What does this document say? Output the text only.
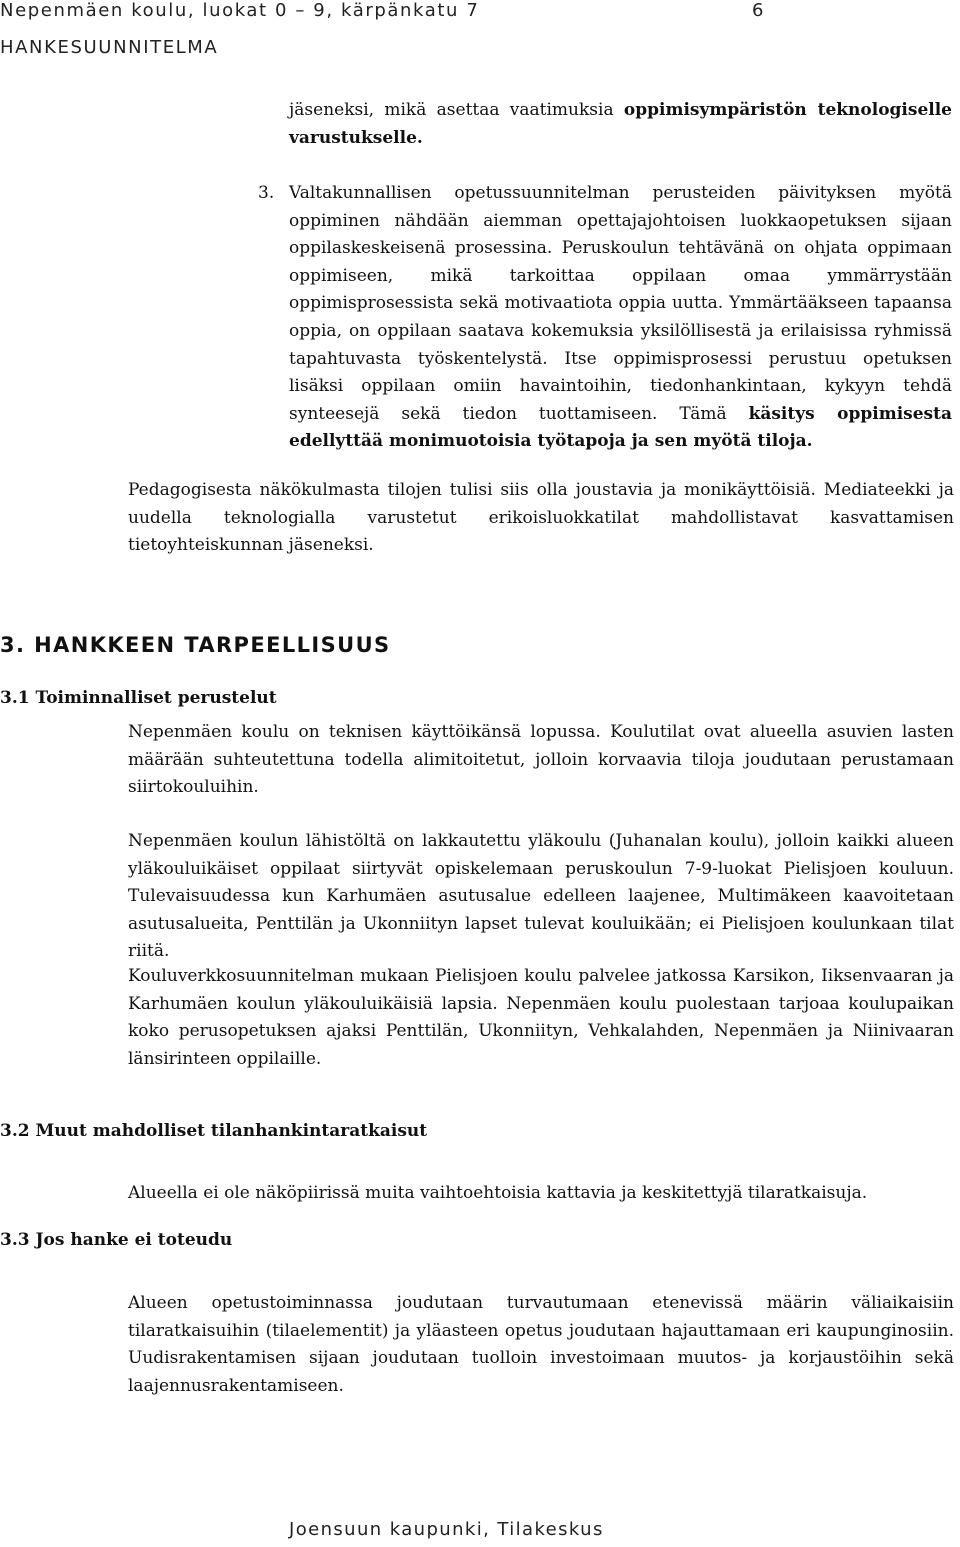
Nepenmäen koulu, luokat 0 – 9, kärpänkatu 7	6
HANKESUUNNITELMA

jäseneksi, mikä asettaa vaatimuksia oppimisympäristön teknologiselle varustukselle.

3. Valtakunnallisen opetussuunnitelman perusteiden päivityksen myötä oppiminen nähdään aiemman opettajajohtoisen luokkaopetuksen sijaan oppilaskeskeisenä prosessina. Peruskoulun tehtävänä on ohjata oppimaan oppimiseen, mikä tarkoittaa oppilaan omaa ymmärrystään oppimisprosessista sekä motivaatiota oppia uutta. Ymmärtääkseen tapaansa oppia, on oppilaan saatava kokemuksia yksilöllisestä ja erilaisissa ryhmissä tapahtuvasta työskentelystä. Itse oppimisprosessi perustuu opetuksen lisäksi oppilaan omiin havaintoihin, tiedonhankintaan, kykyyn tehdä synteesejä sekä tiedon tuottamiseen. Tämä käsitys oppimisesta edellyttää monimuotoisia työtapoja ja sen myötä tiloja.

Pedagogisesta näkökulmasta tilojen tulisi siis olla joustavia ja monikäyttöisiä. Mediateekki ja uudella teknologialla varustetut erikoisluokkatilat mahdollistavat kasvattamisen tietoyhteiskunnan jäseneksi.

3. HANKKEEN TARPEELLISUUS
3.1 Toiminnalliset perustelut

Nepenmäen koulu on teknisen käyttöikänsä lopussa. Koulutilat ovat alueella asuvien lasten määrään suhteutettuna todella alimitoitetut, jolloin korvaavia tiloja joudutaan perustamaan siirtokouluihin.

Nepenmäen koulun lähistöltä on lakkautettu yläkoulu (Juhanalan koulu), jolloin kaikki alueen yläkouluikäiset oppilaat siirtyvät opiskelemaan peruskoulun 7-9-luokat Pielisjoen kouluun. Tulevaisuudessa kun Karhumäen asutusalue edelleen laajenee, Multimäkeen kaavoitetaan asutusalueita, Penttilän ja Ukonniityn lapset tulevat kouluikään; ei Pielisjoen koulunkaan tilat riitä.

Kouluverkkosuunnitelman mukaan Pielisjoen koulu palvelee jatkossa Karsikon, Iiksenvaaran ja Karhumäen koulun yläkouluikäisiä lapsia. Nepenmäen koulu puolestaan tarjoaa koulupaikan koko perusopetuksen ajaksi Penttilän, Ukonniityn, Vehkalahden, Nepenmäen ja Niinivaaran länsirinteen oppilaille.

3.2 Muut mahdolliset tilanhankintaratkaisut

Alueella ei ole näköpiirissä muita vaihtoehtoisia kattavia ja keskitettyjä tilaratkaisuja.

3.3 Jos hanke ei toteudu

Alueen opetustoiminnassa joudutaan turvautumaan etenevissä määrin väliaikaisiin tilaratkaisuihin (tilaelementit) ja yläasteen opetus joudutaan hajauttamaan eri kaupunginosiin. Uudisrakentamisen sijaan joudutaan tuolloin investoimaan muutos- ja korjaustöihin sekä laajennusrakentamiseen.

Joensuun kaupunki, Tilakeskus
